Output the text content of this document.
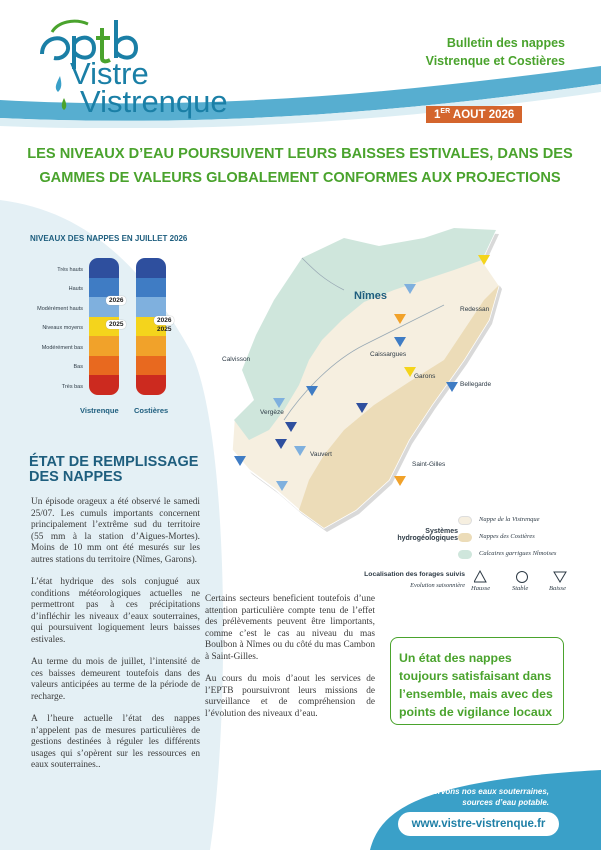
Vistre
Vistrenque
Bulletin des nappes
Vistrenque et Costières
1ER AOUT 2026
LES NIVEAUX D’EAU POURSUIVENT LEURS BAISSES ESTIVALES, DANS DES
GAMMES DE VALEURS GLOBALEMENT CONFORMES AUX PROJECTIONS
NIVEAUX DES NAPPES EN JUILLET 2026
Très hauts
Hauts
Modérément hauts
Niveaux moyens
Modérément bas
Bas
Très bas
2026
2025
2026
2025
Vistrenque Costières
ÉTAT DE REMPLISSAGE
DES NAPPES

Un épisode orageux a été observé le samedi 25/07. Les cumuls importants concernent principalement l’extrême sud du territoire (55 mm à la station d’Aigues-Mortes). Moins de 10 mm ont été mesurés sur les autres stations du territoire (Nîmes, Garons).

L’état hydrique des sols conjugué aux conditions météorologiques actuelles ne permettront pas à ces précipitations d’infléchir les niveaux d’eaux souterraines, qui poursuivent logiquement leurs baisses estivales.

Au terme du mois de juillet, l’intensité de ces baisses demeurent toutefois dans des valeurs anticipées au terme de la période de recharge.

A l’heure actuelle l’état des nappes n’appelent pas de mesures particulières de gestions destinées à réguler les différents usages qui s’opèrent sur les ressources en eaux souterraines..

Certains secteurs beneficient toutefois d’une attention particulière compte tenu de l’effet des prélèvements peuvent être limportants, comme c’est le cas au niveau du mas Boulbon à Nîmes ou du côté du mas Cambon à Saint-Gilles.

Au cours du mois d’aout les services de l’EPTB poursuivront leurs missions de surveillance et de compréhension de l’évolution des niveaux d’eau.

Nîmes
Redessan
Calvisson
Caissargues
Garons
Bellegarde
Vergèze
Vauvert
Saint-Gilles
Systèmes
hydrogéologiques
Nappe de la Vistrenque
Nappes des Costières
Calcaires garrigues Nîmoises
Localisation des forages suivis
Evolution saisonnière Hausse	Stable	Baisse
Un état des nappes toujours satisfaisant dans l’ensemble, mais avec des points de vigilance locaux
Préservons nos eaux souterraines,
sources d’eau potable.
www.vistre-vistrenque.fr
